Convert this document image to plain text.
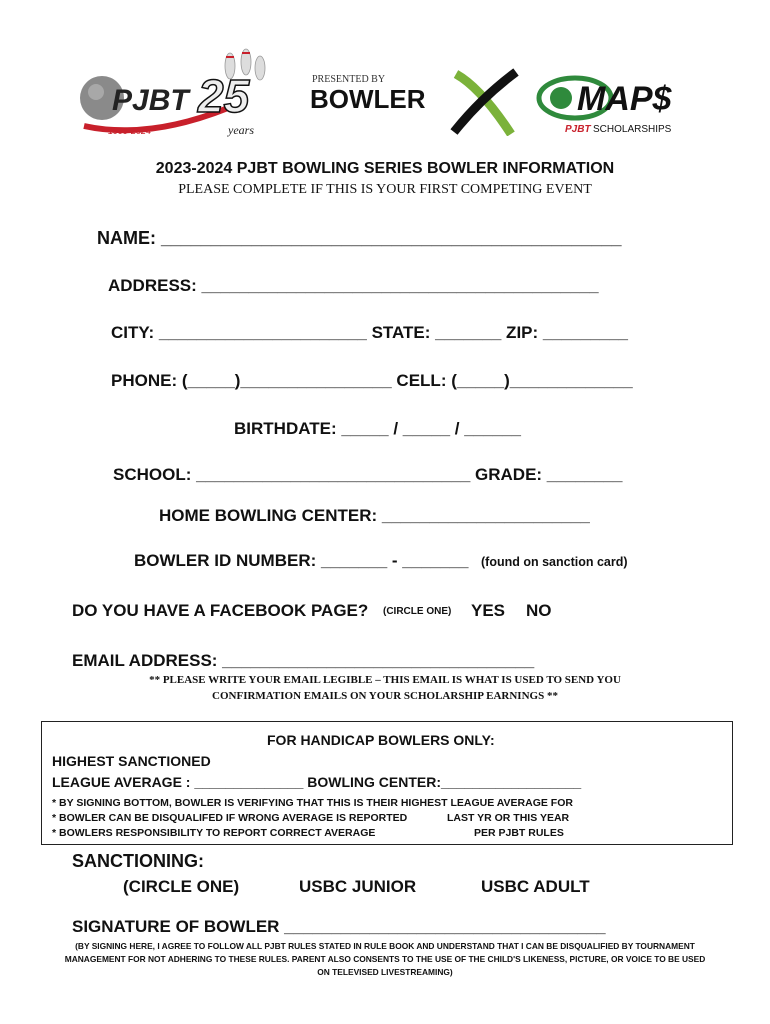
PJBT 25
1999-2024	years
PRESENTED BY
BOWLER	MAP$
PJBT SCHOLARSHIPS
2023-2024 PJBT BOWLING SERIES BOWLER INFORMATION
PLEASE COMPLETE IF THIS IS YOUR FIRST COMPETING EVENT
NAME: ______________________________________________
ADDRESS: __________________________________________
CITY: ______________________ STATE: _______ ZIP: _________
PHONE: (_____)________________ CELL: (_____)_____________
BIRTHDATE: _____ / _____ / ______
SCHOOL: _____________________________ GRADE: ________
HOME BOWLING CENTER: ______________________
BOWLER ID NUMBER: _______ - _______ (found on sanction card)
DO YOU HAVE A FACEBOOK PAGE? (CIRCLE ONE) YES NO
EMAIL ADDRESS: _________________________________
** PLEASE WRITE YOUR EMAIL LEGIBLE – THIS EMAIL IS WHAT IS USED TO SEND YOU
CONFIRMATION EMAILS ON YOUR SCHOLARSHIP EARNINGS **
FOR HANDICAP BOWLERS ONLY:
HIGHEST SANCTIONED
LEAGUE AVERAGE : ______________ BOWLING CENTER:__________________
* BY SIGNING BOTTOM, BOWLER IS VERIFYING THAT THIS IS THEIR HIGHEST LEAGUE AVERAGE FOR
* BOWLER CAN BE DISQUALIFED IF WRONG AVERAGE IS REPORTED	LAST YR OR THIS YEAR
* BOWLERS RESPONSIBILITY TO REPORT CORRECT AVERAGE	PER PJBT RULES
SANCTIONING:
(CIRCLE ONE)	USBC JUNIOR	USBC ADULT
SIGNATURE OF BOWLER __________________________________
(BY SIGNING HERE, I AGREE TO FOLLOW ALL PJBT RULES STATED IN RULE BOOK AND UNDERSTAND THAT I CAN BE DISQUALIFIED BY TOURNAMENT MANAGEMENT FOR NOT ADHERING TO THESE RULES. PARENT ALSO CONSENTS TO THE USE OF THE CHILD'S LIKENESS, PICTURE, OR VOICE TO BE USED ON TELEVISED LIVESTREAMING)
